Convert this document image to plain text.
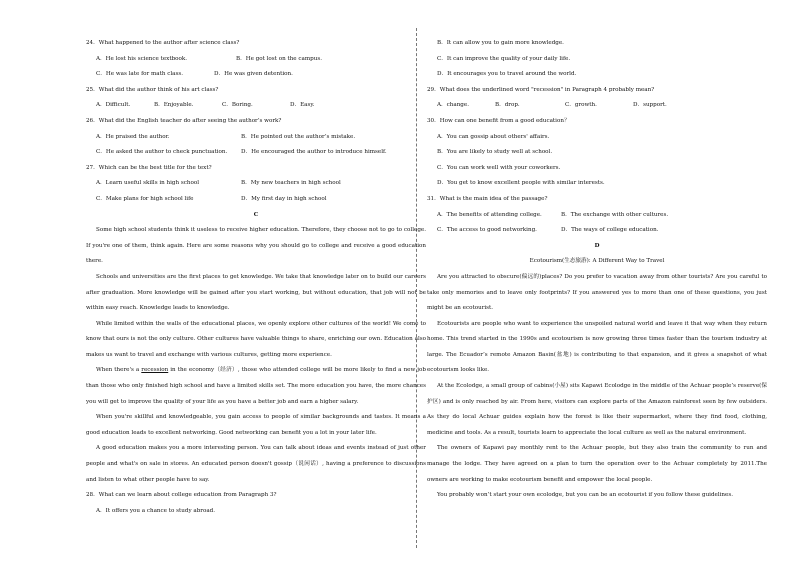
24．What happened to the author after science class?
A．He lost his science textbook.	B．He got lost on the campus.
C．He was late for math class.	D．He was given detention.
25．What did the author think of his art class?
A．Difficult.	B．Enjoyable.	C．Boring.	D．Easy.
26．What did the English teacher do after seeing the author’s work?
A．He praised the author.	B．He pointed out the author’s mistake.
C．He asked the author to check punctuation. D．He encouraged the author to introduce himself.
27．Which can be the best title for the text?
A．Learn useful skills in high school	B．My new teachers in high school
C．Make plans for high school life	D．My first day in high school
C
Some high school students think it useless to receive higher education. Therefore, they choose not to go to college. If you're one of them, think again. Here are some reasons why you should go to college and receive a good education there.
Schools and universities are the first places to get knowledge. We take that knowledge later on to build our careers after graduation. More knowledge will be gained after you start working, but without education, that job will not be within easy reach. Knowledge leads to knowledge.
While limited within the walls of the educational places, we openly explore other cultures of the world! We come to know that ours is not the only culture. Other cultures have valuable things to share, enriching our own. Education also makes us want to travel and exchange with various cultures, getting more experience.
When there's a recession in the economy（经济）, those who attended college will be more likely to find a new job than those who only finished high school and have a limited skills set. The more education you have, the more chances you will get to improve the quality of your life as you have a better job and earn a higher salary.
When you're skillful and knowledgeable, you gain access to people of similar backgrounds and tastes. It means a good education leads to excellent networking. Good networking can benefit you a lot in your later life.
A good education makes you a more interesting person. You can talk about ideas and events instead of just other people and what's on sale in stores. An educated person doesn't gossip（说闲话）, having a preference to discussions and listen to what other people have to say.
28．What can we learn about college education from Paragraph 3?
A．It offers you a chance to study abroad.
B．It can allow you to gain more knowledge.
C．It can improve the quality of your daily life.
D．It encourages you to travel around the world.
29．What does the underlined word "recession" in Paragraph 4 probably mean?
A．change.	B．drop.	C．growth.	D．support.
30．How can one benefit from a good education？
A．You can gossip about others' affairs.
B．You are likely to study well at school.
C．You can work well with your coworkers.
D．You get to know excellent people with similar interests.
31．What is the main idea of the passage?
A．The benefits of attending college.	B．The exchange with other cultures.
C．The access to good networking.	D．The ways of college education.
D
Ecotourism(生态旅游): A Different Way to Travel
Are you attracted to obscure(偏远的)places? Do you prefer to vacation away from other tourists? Are you careful to take only memories and to leave only footprints? If you answered yes to more than one of these questions, you just might be an ecotourist.
Ecotourists are people who want to experience the unspoiled natural world and leave it that way when they return home. This trend started in the 1990s and ecotourism is now growing three times faster than the tourism industry at large. The Ecuador’s remote Amazon Basin(盆地) is contributing to that expansion, and it gives a snapshot of what ecotourism looks like.
At the Ecolodge, a small group of cabins(小屋) sits Kapawi Ecolodge in the middle of the Achuar people’s reserve(保护区) and is only reached by air. From here, visitors can explore parts of the Amazon rainforest seen by few outsiders. As they do local Achuar guides explain how the forest is like their supermarket, where they find food, clothing, medicine and tools. As a result, tourists learn to appreciate the local culture as well as the natural environment.
The owners of Kapawi pay monthly rent to the Achuar people, but they also train the community to run and manage the lodge. They have agreed on a plan to turn the operation over to the Achuar completely by 2011.The owners are working to make ecotourism benefit and empower the local people.
You probably won’t start your own ecolodge, but you can be an ecotourist if you follow these guidelines.
